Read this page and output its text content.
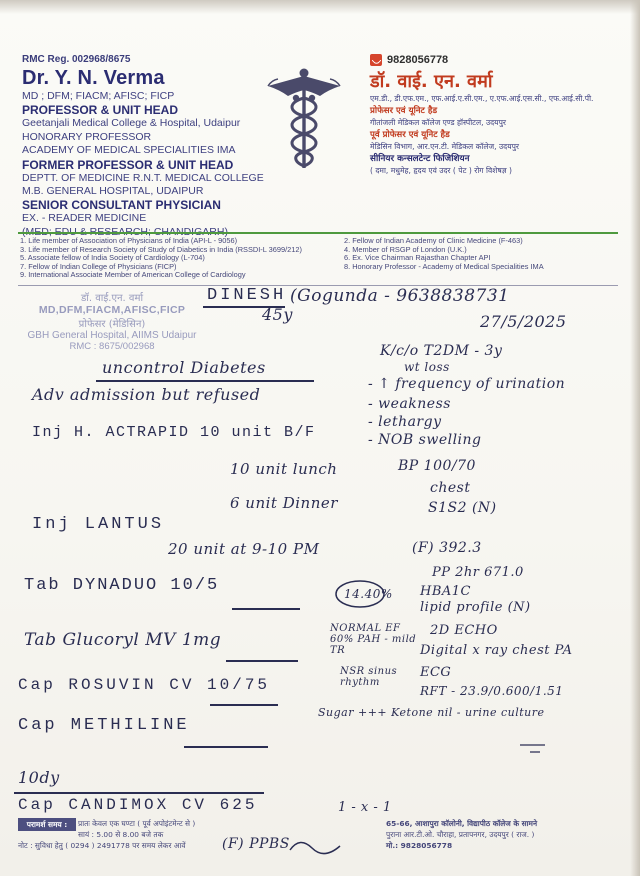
RMC Reg. 002968/8675
Dr. Y. N. Verma
MD ; DFM; FIACM; AFISC; FICP
PROFESSOR & UNIT HEAD
Geetanjali Medical College & Hospital, Udaipur
HONORARY PROFESSOR
ACADEMY OF MEDICAL SPECIALITIES IMA
FORMER PROFESSOR & UNIT HEAD
DEPTT. OF MEDICINE R.N.T. MEDICAL COLLEGE
M.B. GENERAL HOSPITAL, UDAIPUR
SENIOR CONSULTANT PHYSICIAN
EX. - READER MEDICINE
9828056778
डॉ. वाई. एन. वर्मा
एम.डी., डी.एफ.एम., एफ.आई.ए.सी.एम., ए.एफ.आई.एस.सी., एफ.आई.सी.पी.
प्रोफेसर एवं यूनिट हैड
गीतांजली मेडिकल कॉलेज एण्ड हॉस्पीटल, उदयपुर
पूर्व प्रोफेसर एवं यूनिट हैड
मेडिसिन विभाग, आर.एन.टी. मेडिकल कॉलेज, उदयपुर
सीनियर कन्सलटेन्ट फिजिशियन
( दमा, मधुमेह, हृदय एवं उदर ( पेट ) रोग विशेषज्ञ )
1. Life member of Association of Physicians of India (API-L - 9056)
3. Life member of Research Society of Study of Diabetics in India (RSSDI-L 3699/212)
5. Associate fellow of India Society of Cardiology (L-704)
7. Fellow of Indian College of Physicians (FICP)
9. International Associate Member of American College of Cardiology
2. Fellow of Indian Academy of Clinic Medicine (F-463)
4. Member of RSGP of London (U.K.)
6. Ex. Vice Chairman Rajasthan Chapter API
8. Honorary Professor - Academy of Medical Specialities IMA
डॉ. वाई.एन. वर्मा
MD,DFM,FIACM,AFISC,FICP
प्रोफेसर (मेडिसिन)
GBH General Hospital, AIIMS Udaipur
RMC : 8675/002968
DINESH (Gogunda - 9638838731
45y	27/5/2025
uncontrol Diabetes
K/c/o T2DM - 3y
wt loss
- ↑ frequency of urination
- weakness
- lethargy
- NOB swelling
Adv admission but refused
Inj H. ACTRAPID 10 unit B/F
10 unit lunch
6 unit Dinner
BP 100/70
chest
S1S2 (N)
Inj LANTUS
20 unit at 9-10 PM	(F) 392.3
Tab DYNADUO 10/5
PP 2hr 671.0
14.40% HBA1C
lipid profile (N)
2D ECHO
Digital x ray chest PA
ECG
RFT - 23.9/0.600/1.51
NORMAL EF 60% PAH - mild TR
NSR sinus rhythm
Tab Glucoryl MV 1mg
Cap ROSUVIN CV 10/75
Sugar +++ Ketone nil - urine culture
Cap METHILINE
10dy
Cap CANDIMOX CV 625	1 - x - 1
(F) PPBS
परामर्श समय :	प्रातः केवल एक घण्टा ( पूर्व अपोइंटमेन्ट से )
सायं : 5.00 से 8.00 बजे तक
नोट : सुविधा हेतु ( 0294 ) 2491778 पर समय लेकर आवें
65-66, आशापुरा कॉलोनी, विद्यापीठ कॉलेज के सामने
पुराना आर.टी.ओ. चौराहा, प्रतापनगर, उदयपुर ( राज. )
मो.: 9828056778
